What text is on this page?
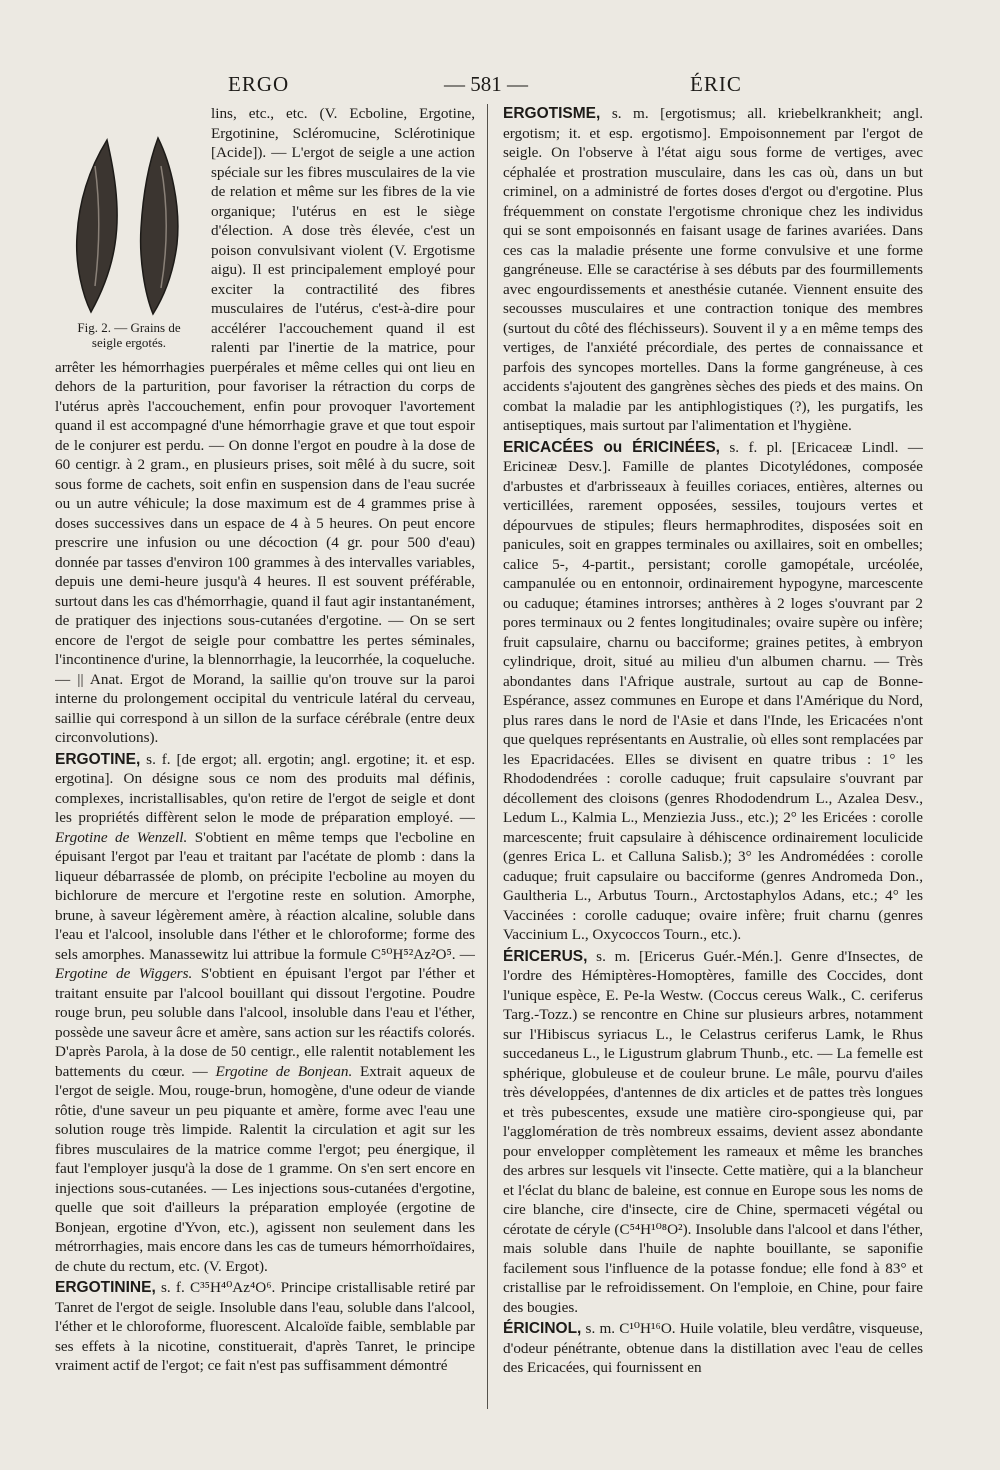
ERGO	— 581 —	ÉRIC
Fig. 2. — Grains de
seigle ergotés.

lins, etc., etc. (V. Ecboline, Ergotine, Ergotinine, Scléromucine, Sclérotinique [Acide]). — L'ergot de seigle a une action spéciale sur les fibres musculaires de la vie de relation et même sur les fibres de la vie organique; l'utérus en est le siège d'élection. A dose très élevée, c'est un poison convulsivant violent (V. Ergotisme aigu). Il est principalement employé pour exciter la contractilité des fibres musculaires de l'utérus, c'est-à-dire pour accélérer l'accouchement quand il est ralenti par l'inertie de la matrice, pour arrêter les hémorrhagies puerpérales et même celles qui ont lieu en dehors de la parturition, pour favoriser la rétraction du corps de l'utérus après l'accouchement, enfin pour provoquer l'avortement quand il est accompagné d'une hémorrhagie grave et que tout espoir de le conjurer est perdu. — On donne l'ergot en poudre à la dose de 60 centigr. à 2 gram., en plusieurs prises, soit mêlé à du sucre, soit sous forme de cachets, soit enfin en suspension dans de l'eau sucrée ou un autre véhicule; la dose maximum est de 4 grammes prise à doses successives dans un espace de 4 à 5 heures. On peut encore prescrire une infusion ou une décoction (4 gr. pour 500 d'eau) donnée par tasses d'environ 100 grammes à des intervalles variables, depuis une demi-heure jusqu'à 4 heures. Il est souvent préférable, surtout dans les cas d'hémorrhagie, quand il faut agir instantanément, de pratiquer des injections sous-cutanées d'ergotine. — On se sert encore de l'ergot de seigle pour combattre les pertes séminales, l'incontinence d'urine, la blennorrhagie, la leucorrhée, la coqueluche. — || Anat. Ergot de Morand, la saillie qu'on trouve sur la paroi interne du prolongement occipital du ventricule latéral du cerveau, saillie qui correspond à un sillon de la surface cérébrale (entre deux circonvolutions).

ERGOTINE, s. f. [de ergot; all. ergotin; angl. ergotine; it. et esp. ergotina]. On désigne sous ce nom des produits mal définis, complexes, incristallisables, qu'on retire de l'ergot de seigle et dont les propriétés diffèrent selon le mode de préparation employé. — Ergotine de Wenzell. S'obtient en même temps que l'ecboline en épuisant l'ergot par l'eau et traitant par l'acétate de plomb : dans la liqueur débarrassée de plomb, on précipite l'ecboline au moyen du bichlorure de mercure et l'ergotine reste en solution. Amorphe, brune, à saveur légèrement amère, à réaction alcaline, soluble dans l'eau et l'alcool, insoluble dans l'éther et le chloroforme; forme des sels amorphes. Manassewitz lui attribue la formule C⁵⁰H⁵²Az²O⁵. — Ergotine de Wiggers. S'obtient en épuisant l'ergot par l'éther et traitant ensuite par l'alcool bouillant qui dissout l'ergotine. Poudre rouge brun, peu soluble dans l'alcool, insoluble dans l'eau et l'éther, possède une saveur âcre et amère, sans action sur les réactifs colorés. D'après Parola, à la dose de 50 centigr., elle ralentit notablement les battements du cœur. — Ergotine de Bonjean. Extrait aqueux de l'ergot de seigle. Mou, rouge-brun, homogène, d'une odeur de viande rôtie, d'une saveur un peu piquante et amère, forme avec l'eau une solution rouge très limpide. Ralentit la circulation et agit sur les fibres musculaires de la matrice comme l'ergot; peu énergique, il faut l'employer jusqu'à la dose de 1 gramme. On s'en sert encore en injections sous-cutanées. — Les injections sous-cutanées d'ergotine, quelle que soit d'ailleurs la préparation employée (ergotine de Bonjean, ergotine d'Yvon, etc.), agissent non seulement dans les métrorrhagies, mais encore dans les cas de tumeurs hémorrhoïdaires, de chute du rectum, etc. (V. Ergot).

ERGOTININE, s. f. C³⁵H⁴⁰Az⁴O⁶. Principe cristallisable retiré par Tanret de l'ergot de seigle. Insoluble dans l'eau, soluble dans l'alcool, l'éther et le chloroforme, fluorescent. Alcaloïde faible, semblable par ses effets à la nicotine, constituerait, d'après Tanret, le principe vraiment actif de l'ergot; ce fait n'est pas suffisamment démontré

ERGOTISME, s. m. [ergotismus; all. kriebelkrankheit; angl. ergotism; it. et esp. ergotismo]. Empoisonnement par l'ergot de seigle. On l'observe à l'état aigu sous forme de vertiges, avec céphalée et prostration musculaire, dans les cas où, dans un but criminel, on a administré de fortes doses d'ergot ou d'ergotine. Plus fréquemment on constate l'ergotisme chronique chez les individus qui se sont empoisonnés en faisant usage de farines avariées. Dans ces cas la maladie présente une forme convulsive et une forme gangréneuse. Elle se caractérise à ses débuts par des fourmillements avec engourdissements et anesthésie cutanée. Viennent ensuite des secousses musculaires et une contraction tonique des membres (surtout du côté des fléchisseurs). Souvent il y a en même temps des vertiges, de l'anxiété précordiale, des pertes de connaissance et parfois des syncopes mortelles. Dans la forme gangréneuse, à ces accidents s'ajoutent des gangrènes sèches des pieds et des mains. On combat la maladie par les antiphlogistiques (?), les purgatifs, les antiseptiques, mais surtout par l'alimentation et l'hygiène.

ERICACÉES ou ÉRICINÉES, s. f. pl. [Ericaceæ Lindl. — Ericineæ Desv.]. Famille de plantes Dicotylédones, composée d'arbustes et d'arbrisseaux à feuilles coriaces, entières, alternes ou verticillées, rarement opposées, sessiles, toujours vertes et dépourvues de stipules; fleurs hermaphrodites, disposées soit en panicules, soit en grappes terminales ou axillaires, soit en ombelles; calice 5-, 4-partit., persistant; corolle gamopétale, urcéolée, campanulée ou en entonnoir, ordinairement hypogyne, marcescente ou caduque; étamines introrses; anthères à 2 loges s'ouvrant par 2 pores terminaux ou 2 fentes longitudinales; ovaire supère ou infère; fruit capsulaire, charnu ou bacciforme; graines petites, à embryon cylindrique, droit, situé au milieu d'un albumen charnu. — Très abondantes dans l'Afrique australe, surtout au cap de Bonne-Espérance, assez communes en Europe et dans l'Amérique du Nord, plus rares dans le nord de l'Asie et dans l'Inde, les Ericacées n'ont que quelques représentants en Australie, où elles sont remplacées par les Epacridacées. Elles se divisent en quatre tribus : 1° les Rhododendrées : corolle caduque; fruit capsulaire s'ouvrant par décollement des cloisons (genres Rhododendrum L., Azalea Desv., Ledum L., Kalmia L., Menziezia Juss., etc.); 2° les Ericées : corolle marcescente; fruit capsulaire à déhiscence ordinairement loculicide (genres Erica L. et Calluna Salisb.); 3° les Andromédées : corolle caduque; fruit capsulaire ou bacciforme (genres Andromeda Don., Gaultheria L., Arbutus Tourn., Arctostaphylos Adans, etc.; 4° les Vaccinées : corolle caduque; ovaire infère; fruit charnu (genres Vaccinium L., Oxycoccos Tourn., etc.).

ÉRICERUS, s. m. [Ericerus Guér.-Mén.]. Genre d'Insectes, de l'ordre des Hémiptères-Homoptères, famille des Coccides, dont l'unique espèce, E. Pe-la Westw. (Coccus cereus Walk., C. ceriferus Targ.-Tozz.) se rencontre en Chine sur plusieurs arbres, notamment sur l'Hibiscus syriacus L., le Celastrus ceriferus Lamk, le Rhus succedaneus L., le Ligustrum glabrum Thunb., etc. — La femelle est sphérique, globuleuse et de couleur brune. Le mâle, pourvu d'ailes très développées, d'antennes de dix articles et de pattes très longues et très pubescentes, exsude une matière ciro-spongieuse qui, par l'agglomération de très nombreux essaims, devient assez abondante pour envelopper complètement les rameaux et même les branches des arbres sur lesquels vit l'insecte. Cette matière, qui a la blancheur et l'éclat du blanc de baleine, est connue en Europe sous les noms de cire blanche, cire d'insecte, cire de Chine, spermaceti végétal ou cérotate de céryle (C⁵⁴H¹⁰⁸O²). Insoluble dans l'alcool et dans l'éther, mais soluble dans l'huile de naphte bouillante, se saponifie facilement sous l'influence de la potasse fondue; elle fond à 83° et cristallise par le refroidissement. On l'emploie, en Chine, pour faire des bougies.

ÉRICINOL, s. m. C¹⁰H¹⁶O. Huile volatile, bleu verdâtre, visqueuse, d'odeur pénétrante, obtenue dans la distillation avec l'eau de celles des Ericacées, qui fournissent en
